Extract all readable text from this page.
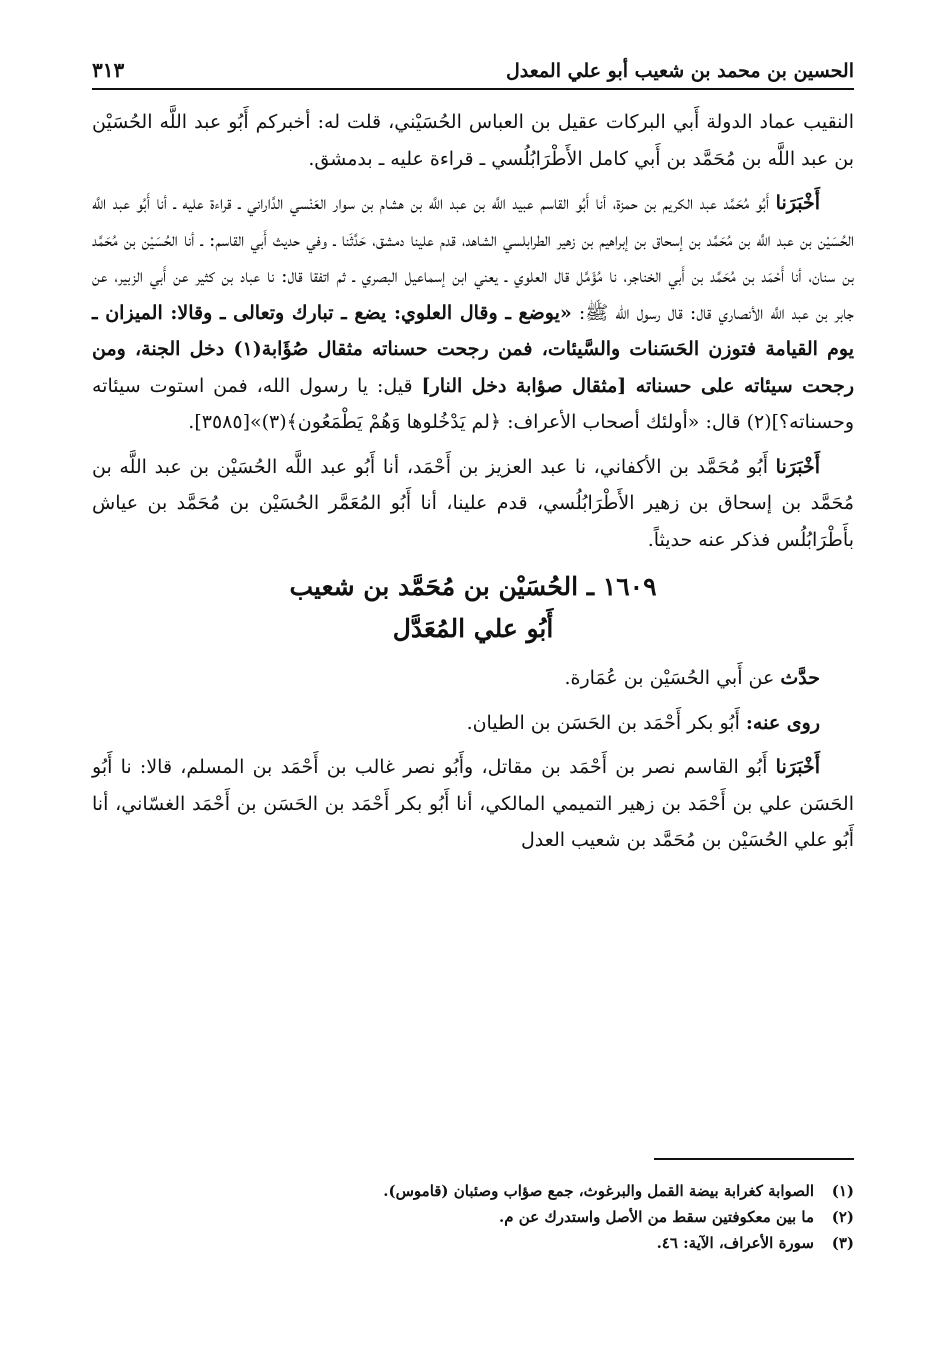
الحسين بن محمد بن شعيب أبو علي المعدل
٣١٣

النقيب عماد الدولة أَبي البركات عقيل بن العباس الحُسَيْني، قلت له: أخبركم أَبُو عبد اللَّه الحُسَيْن بن عبد اللَّه بن مُحَمَّد بن أَبي كامل الأَطْرَابُلُسي ـ قراءة عليه ـ بدمشق.

أَخْبَرَنا أَبُو مُحَمَّد عبد الكريم بن حمزة، أنا أَبُو القاسم عبيد اللَّه بن عبد اللَّه بن هشام بن سوار العَنْسي الدَّاراني ـ قراءة عليه ـ أنا أَبُو عبد اللَّه الحُسَيْن بن عبد اللَّه بن مُحَمَّد بن إسحاق بن إبراهيم بن زهير الطرابلسي الشاهد، قدم علينا دمشق، حَدَّثَنا ـ وفي حديث أَبي القاسم: ـ أنا الحُسَيْن بن مُحَمَّد بن سنان، أنا أَحْمَد بن مُحَمَّد بن أَبي الخناجر، نا مُؤَمَّل قال العلوي ـ يعني ابن إسماعيل البصري ـ ثم اتفقا قال: نا عباد بن كثير عن أَبي الزبير، عن جابر بن عبد اللَّه الأنصاري قال: قال رسول الله ﷺ: «يوضع ـ وقال العلوي: يضع ـ تبارك وتعالى ـ وقالا: الميزان ـ يوم القيامة فتوزن الحَسَنات والسَّيئات، فمن رجحت حسناته مثقال صُؤَابة(١) دخل الجنة، ومن رجحت سيئاته على حسناته [مثقال صؤابة دخل النار] قيل: يا رسول الله، فمن استوت سيئاته وحسناته؟](٢) قال: «أولئك أصحاب الأعراف: ﴿لم يَدْخُلوها وَهُمْ يَطْمَعُون﴾(٣)»[٣٥٨٥].

أَخْبَرَنا أَبُو مُحَمَّد بن الأكفاني، نا عبد العزيز بن أَحْمَد، أنا أَبُو عبد اللَّه الحُسَيْن بن عبد اللَّه بن مُحَمَّد بن إسحاق بن زهير الأَطْرَابُلُسي، قدم علينا، أنا أَبُو المُعَمَّر الحُسَيْن بن مُحَمَّد بن عياش بأَطْرَابُلُس فذكر عنه حديثاً.

١٦٠٩ ـ الحُسَيْن بن مُحَمَّد بن شعيب
أَبُو علي المُعَدَّل

حدَّث عن أَبي الحُسَيْن بن عُمَارة.

روى عنه: أَبُو بكر أَحْمَد بن الحَسَن بن الطيان.

أَخْبَرَنا أَبُو القاسم نصر بن أَحْمَد بن مقاتل، وأَبُو نصر غالب بن أَحْمَد بن المسلم، قالا: نا أَبُو الحَسَن علي بن أَحْمَد بن زهير التميمي المالكي، أنا أَبُو بكر أَحْمَد بن الحَسَن بن أَحْمَد الغسّاني، أنا أَبُو علي الحُسَيْن بن مُحَمَّد بن شعيب العدل

(١)
الصوابة كغرابة بيضة القمل والبرغوث، جمع صؤاب وصئبان (قاموس).
(٢)
ما بين معكوفتين سقط من الأصل واستدرك عن م.
(٣)
سورة الأعراف، الآية: ٤٦.
